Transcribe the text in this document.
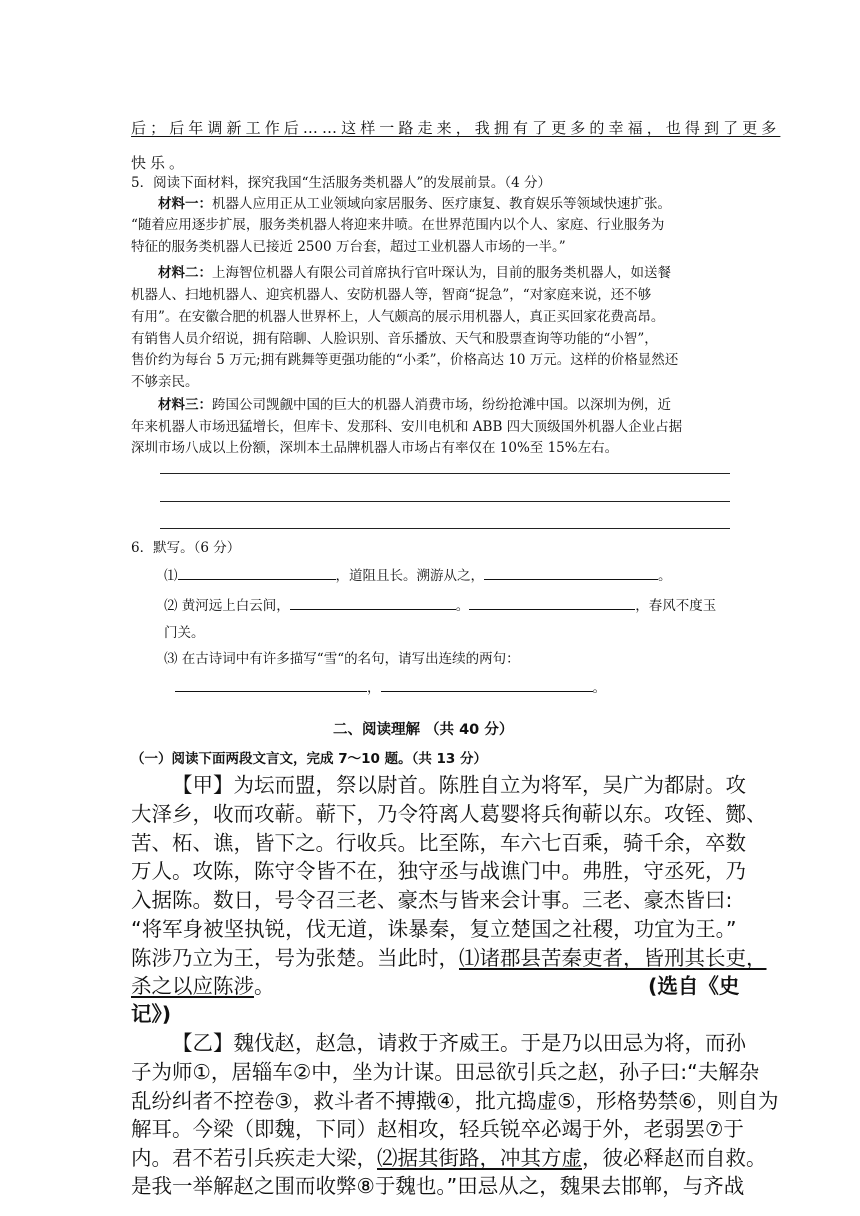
后；后年调新工作后……这样一路走来，我拥有了更多的幸福，也得到了更多
快乐。
5．阅读下面材料，探究我国“生活服务类机器人”的发展前景。（4 分）
材料一：机器人应用正从工业领域向家居服务、医疗康复、教育娱乐等领域快速扩张。
“随着应用逐步扩展，服务类机器人将迎来井喷。在世界范围内以个人、家庭、行业服务为
特征的服务类机器人已接近 2500 万台套，超过工业机器人市场的一半。”
材料二：上海智位机器人有限公司首席执行官叶琛认为，目前的服务类机器人，如送餐
机器人、扫地机器人、迎宾机器人、安防机器人等，智商“捉急”，“对家庭来说，还不够
有用”。在安徽合肥的机器人世界杯上，人气颇高的展示用机器人，真正买回家花费高昂。
有销售人员介绍说，拥有陪聊、人脸识别、音乐播放、天气和股票查询等功能的“小智”，
售价约为每台 5 万元;拥有跳舞等更强功能的“小柔”，价格高达 10 万元。这样的价格显然还
不够亲民。
材料三：跨国公司觊觎中国的巨大的机器人消费市场，纷纷抢滩中国。以深圳为例，近
年来机器人市场迅猛增长，但库卡、发那科、安川电机和 ABB 四大顶级国外机器人企业占据
深圳市场八成以上份额，深圳本土品牌机器人市场占有率仅在 10%至 15%左右。
6．默写。（6 分）
⑴	，道阻且长。溯游从之，	。
⑵ 黄河远上白云间，	。	，春风不度玉
门关。
⑶ 在古诗词中有许多描写“雪“的名句，请写出连续的两句：
，	。
二、阅读理解 （共 40 分）
（一）阅读下面两段文言文，完成 7～10 题。（共 13 分）
【甲】为坛而盟，祭以尉首。陈胜自立为将军，吴广为都尉。攻
大泽乡，收而攻蕲。蕲下，乃令符离人葛婴将兵徇蕲以东。攻铚、酂、
苦、柘、谯，皆下之。行收兵。比至陈，车六七百乘，骑千余，卒数
万人。攻陈，陈守令皆不在，独守丞与战谯门中。弗胜，守丞死，乃
入据陈。数日，号令召三老、豪杰与皆来会计事。三老、豪杰皆曰:
“将军身被坚执锐，伐无道，诛暴秦，复立楚国之社稷，功宜为王。”
陈涉乃立为王，号为张楚。当此时，⑴诸郡县苦秦吏者，皆刑其长吏，
杀之以应陈涉。	(选自《史
记》)
【乙】魏伐赵，赵急，请救于齐威王。于是乃以田忌为将，而孙
子为师①，居辎车②中，坐为计谋。田忌欲引兵之赵，孙子曰:“夫解杂
乱纷纠者不控卷③，救斗者不搏撠④，批亢捣虚⑤，形格势禁⑥，则自为
解耳。今梁（即魏，下同）赵相攻，轻兵锐卒必竭于外，老弱罢⑦于
内。君不若引兵疾走大梁，⑵据其街路，冲其方虚，彼必释赵而自救。
是我一举解赵之围而收弊⑧于魏也。”田忌从之，魏果去邯郸，与齐战
